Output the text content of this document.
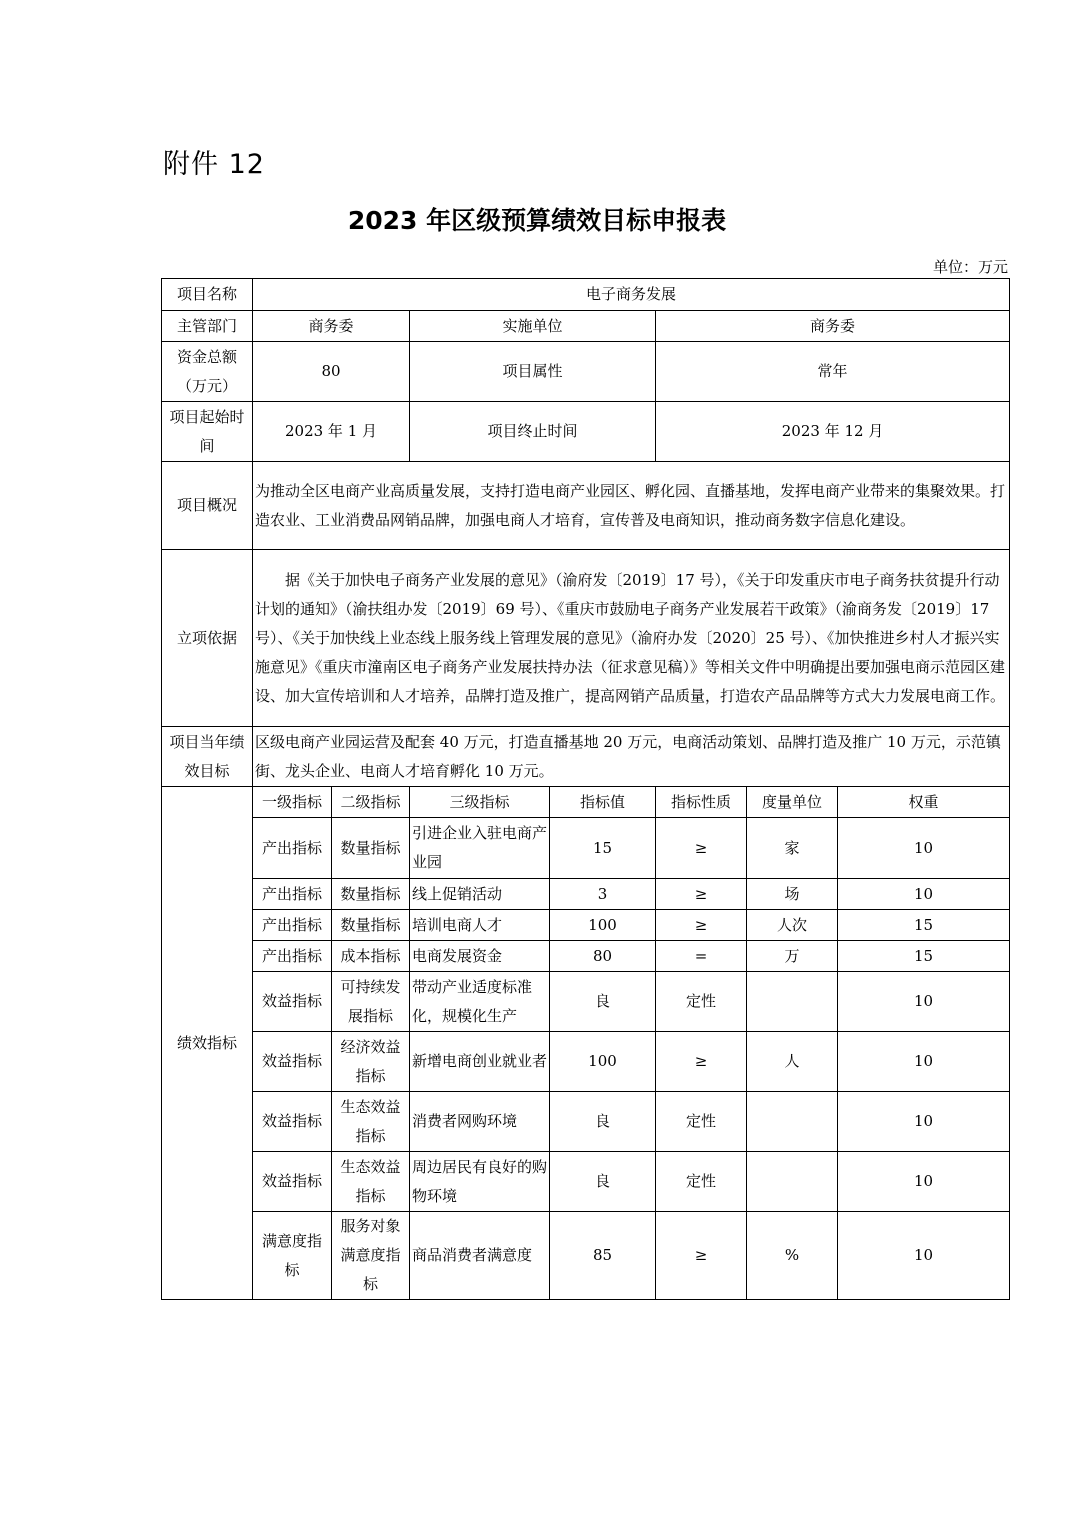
附件 12
2023 年区级预算绩效目标申报表
单位：万元
项目名称	电子商务发展						
主管部门	商务委		实施单位		商务委		
资金总额（万元）	80		项目属性		常年		
项目起始时间	2023 年 1 月		项目终止时间		2023 年 12 月		
项目概况	为推动全区电商产业高质量发展，支持打造电商产业园区、孵化园、直播基地，发挥电商产业带来的集聚效果。打造农业、工业消费品网销品牌，加强电商人才培育，宣传普及电商知识，推动商务数字信息化建设。						
立项依据	据《关于加快电子商务产业发展的意见》（渝府发〔2019〕17 号），《关于印发重庆市电子商务扶贫提升行动计划的通知》（渝扶组办发〔2019〕69 号）、《重庆市鼓励电子商务产业发展若干政策》（渝商务发〔2019〕17 号）、《关于加快线上业态线上服务线上管理发展的意见》（渝府办发〔2020〕25 号）、《加快推进乡村人才振兴实施意见》《重庆市潼南区电子商务产业发展扶持办法（征求意见稿）》等相关文件中明确提出要加强电商示范园区建设、加大宣传培训和人才培养，品牌打造及推广，提高网销产品质量，打造农产品品牌等方式大力发展电商工作。						
项目当年绩效目标	区级电商产业园运营及配套 40 万元，打造直播基地 20 万元，电商活动策划、品牌打造及推广 10 万元，示范镇街、龙头企业、电商人才培育孵化 10 万元。						
绩效指标	一级指标	二级指标	三级指标	指标值	指标性质	度量单位	权重
	产出指标	数量指标	引进企业入驻电商产业园	15	≥	家	10
	产出指标	数量指标	线上促销活动	3	≥	场	10
	产出指标	数量指标	培训电商人才	100	≥	人次	15
	产出指标	成本指标	电商发展资金	80	=	万	15
	效益指标	可持续发展指标	带动产业适度标准化，规模化生产	良	定性		10
	效益指标	经济效益指标	新增电商创业就业者	100	≥	人	10
	效益指标	生态效益指标	消费者网购环境	良	定性		10
	效益指标	生态效益指标	周边居民有良好的购物环境	良	定性		10
	满意度指标	服务对象满意度指标	商品消费者满意度	85	≥	%	10
